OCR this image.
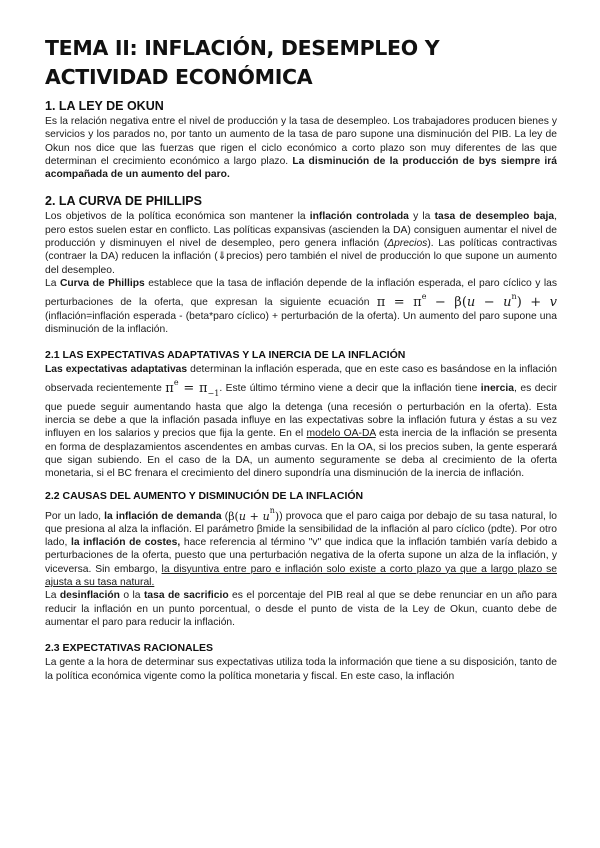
TEMA II: INFLACIÓN, DESEMPLEO Y ACTIVIDAD ECONÓMICA
1. LA LEY DE OKUN

Es la relación negativa entre el nivel de producción y la tasa de desempleo. Los trabajadores producen bienes y servicios y los parados no, por tanto un aumento de la tasa de paro supone una disminución del PIB. La ley de Okun nos dice que las fuerzas que rigen el ciclo económico a corto plazo son muy diferentes de las que determinan el crecimiento económico a largo plazo. La disminución de la producción de bys siempre irá acompañada de un aumento del paro.

2. LA CURVA DE PHILLIPS

Los objetivos de la política económica son mantener la inflación controlada y la tasa de desempleo baja, pero estos suelen estar en conflicto. Las políticas expansivas (ascienden la DA) consiguen aumentar el nivel de producción y disminuyen el nivel de desempleo, pero genera inflación (Δprecios). Las políticas contractivas (contraer la DA) reducen la inflación (⇓precios) pero también el nivel de producción lo que supone un aumento del desempleo.

La Curva de Phillips establece que la tasa de inflación depende de la inflación esperada, el paro cíclico y las perturbaciones de la oferta, que expresan la siguiente ecuación $\pi = \pi^e - \beta(u - u^n) + v$ (inflación=inflación esperada - (beta*paro cíclico) + perturbación de la oferta). Un aumento del paro supone una disminución de la inflación.

2.1 LAS EXPECTATIVAS ADAPTATIVAS Y LA INERCIA DE LA INFLACIÓN

Las expectativas adaptativas determinan la inflación esperada, que en este caso es basándose en la inflación observada recientemente $\pi^e = \pi_{-1}$. Este último término viene a decir que la inflación tiene inercia, es decir que puede seguir aumentando hasta que algo la detenga (una recesión o perturbación en la oferta). Esta inercia se debe a que la inflación pasada influye en las expectativas sobre la inflación futura y éstas a su vez influyen en los salarios y precios que fija la gente. En el modelo OA-DA esta inercia de la inflación se presenta en forma de desplazamientos ascendentes en ambas curvas. En la OA, si los precios suben, la gente esperará que sigan subiendo. En el caso de la DA, un aumento seguramente se deba al crecimiento de la oferta monetaria, si el BC frenara el crecimiento del dinero supondría una disminución de la inercia de inflación.

2.2 CAUSAS DEL AUMENTO Y DISMINUCIÓN DE LA INFLACIÓN

Por un lado, la inflación de demanda $(\beta(u + u^n))$ provoca que el paro caiga por debajo de su tasa natural, lo que presiona al alza la inflación. El parámetro βmide la sensibilidad de la inflación al paro cíclico (pdte). Por otro lado, la inflación de costes, hace referencia al término "v" que indica que la inflación también varía debido a perturbaciones de la oferta, puesto que una perturbación negativa de la oferta supone un alza de la inflación, y viceversa. Sin embargo, la disyuntiva entre paro e inflación solo existe a corto plazo ya que a largo plazo se ajusta a su tasa natural.

La desinflación o la tasa de sacrificio es el porcentaje del PIB real al que se debe renunciar en un año para reducir la inflación en un punto porcentual, o desde el punto de vista de la Ley de Okun, cuanto debe de aumentar el paro para reducir la inflación.

2.3 EXPECTATIVAS RACIONALES

La gente a la hora de determinar sus expectativas utiliza toda la información que tiene a su disposición, tanto de la política económica vigente como la política monetaria y fiscal. En este caso, la inflación
